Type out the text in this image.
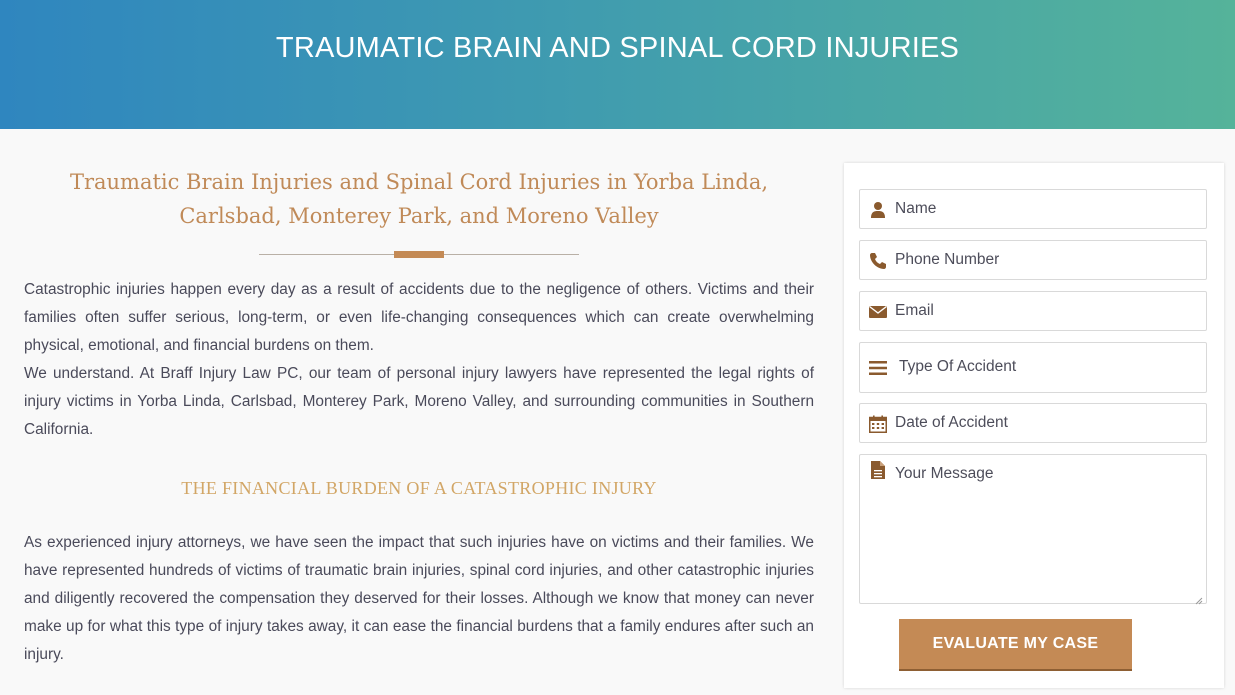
TRAUMATIC BRAIN AND SPINAL CORD INJURIES
Traumatic Brain Injuries and Spinal Cord Injuries in Yorba Linda, Carlsbad, Monterey Park, and Moreno Valley

Catastrophic injuries happen every day as a result of accidents due to the negligence of others. Victims and their families often suffer serious, long-term, or even life-changing consequences which can create overwhelming physical, emotional, and financial burdens on them.

We understand. At Braff Injury Law PC, our team of personal injury lawyers have represented the legal rights of injury victims in Yorba Linda, Carlsbad, Monterey Park, Moreno Valley, and surrounding communities in Southern California.

THE FINANCIAL BURDEN OF A CATASTROPHIC INJURY

As experienced injury attorneys, we have seen the impact that such injuries have on victims and their families. We have represented hundreds of victims of traumatic brain injuries, spinal cord injuries, and other catastrophic injuries and diligently recovered the compensation they deserved for their losses. Although we know that money can never make up for what this type of injury takes away, it can ease the financial burdens that a family endures after such an injury.

Name
Phone Number
Email
Type Of Accident
Date of Accident
Your Message
EVALUATE MY CASE
